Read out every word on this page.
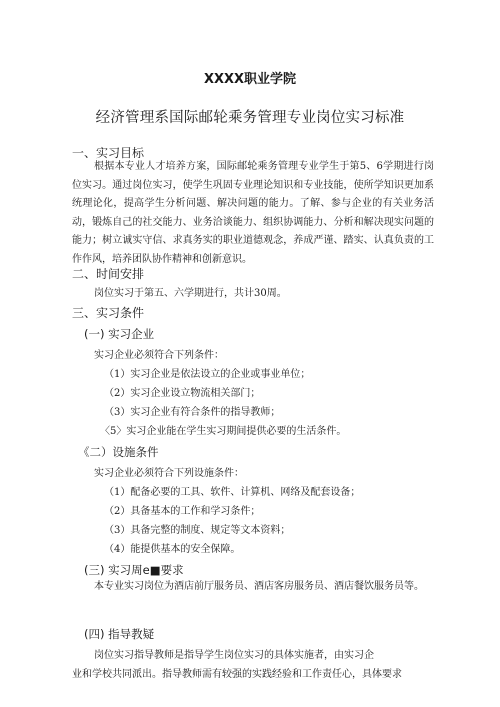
XXXX职业学院
经济管理系国际邮轮乘务管理专业岗位实习标准
一、实习目标
根据本专业人才培养方案，国际邮轮乘务管理专业学生于第5、6学期进行岗位实习。通过岗位实习，使学生巩固专业理论知识和专业技能，使所学知识更加系统理论化，提高学生分析问题、解决问题的能力。了解、参与企业的有关业务活动，锻炼自己的社交能力、业务洽谈能力、组织协调能力、分析和解决现实问题的能力；树立诚实守信、求真务实的职业道德观念，养成严谨、踏实、认真负责的工作作风，培养团队协作精神和创新意识。
二、时间安排
岗位实习于第五、六学期进行，共计30周。
三、实习条件
(一) 实习企业
实习企业必须符合下列条件：
（1）实习企业是依法设立的企业或事业单位；
（2）实习企业设立物流相关部门；
（3）实习企业有符合条件的指导教师；
〈5〉实习企业能在学生实习期间提供必要的生活条件。
《二）设施条件
实习企业必须符合下列设施条件：
（1）配备必要的工具、软件、计算机、网络及配套设备；
（2）具备基本的工作和学习条件；
（3）具备完整的制度、规定等文本资料；
（4）能提供基本的安全保障。
(三) 实习周e■要求
本专业实习岗位为酒店前厅服务员、酒店客房服务员、酒店餐饮服务员等。
(四) 指导教疑
岗位实习指导教师是指导学生岗位实习的具体实施者，由实习企
业和学校共同派出。指导教师需有较强的实践经验和工作责任心，具体要求
